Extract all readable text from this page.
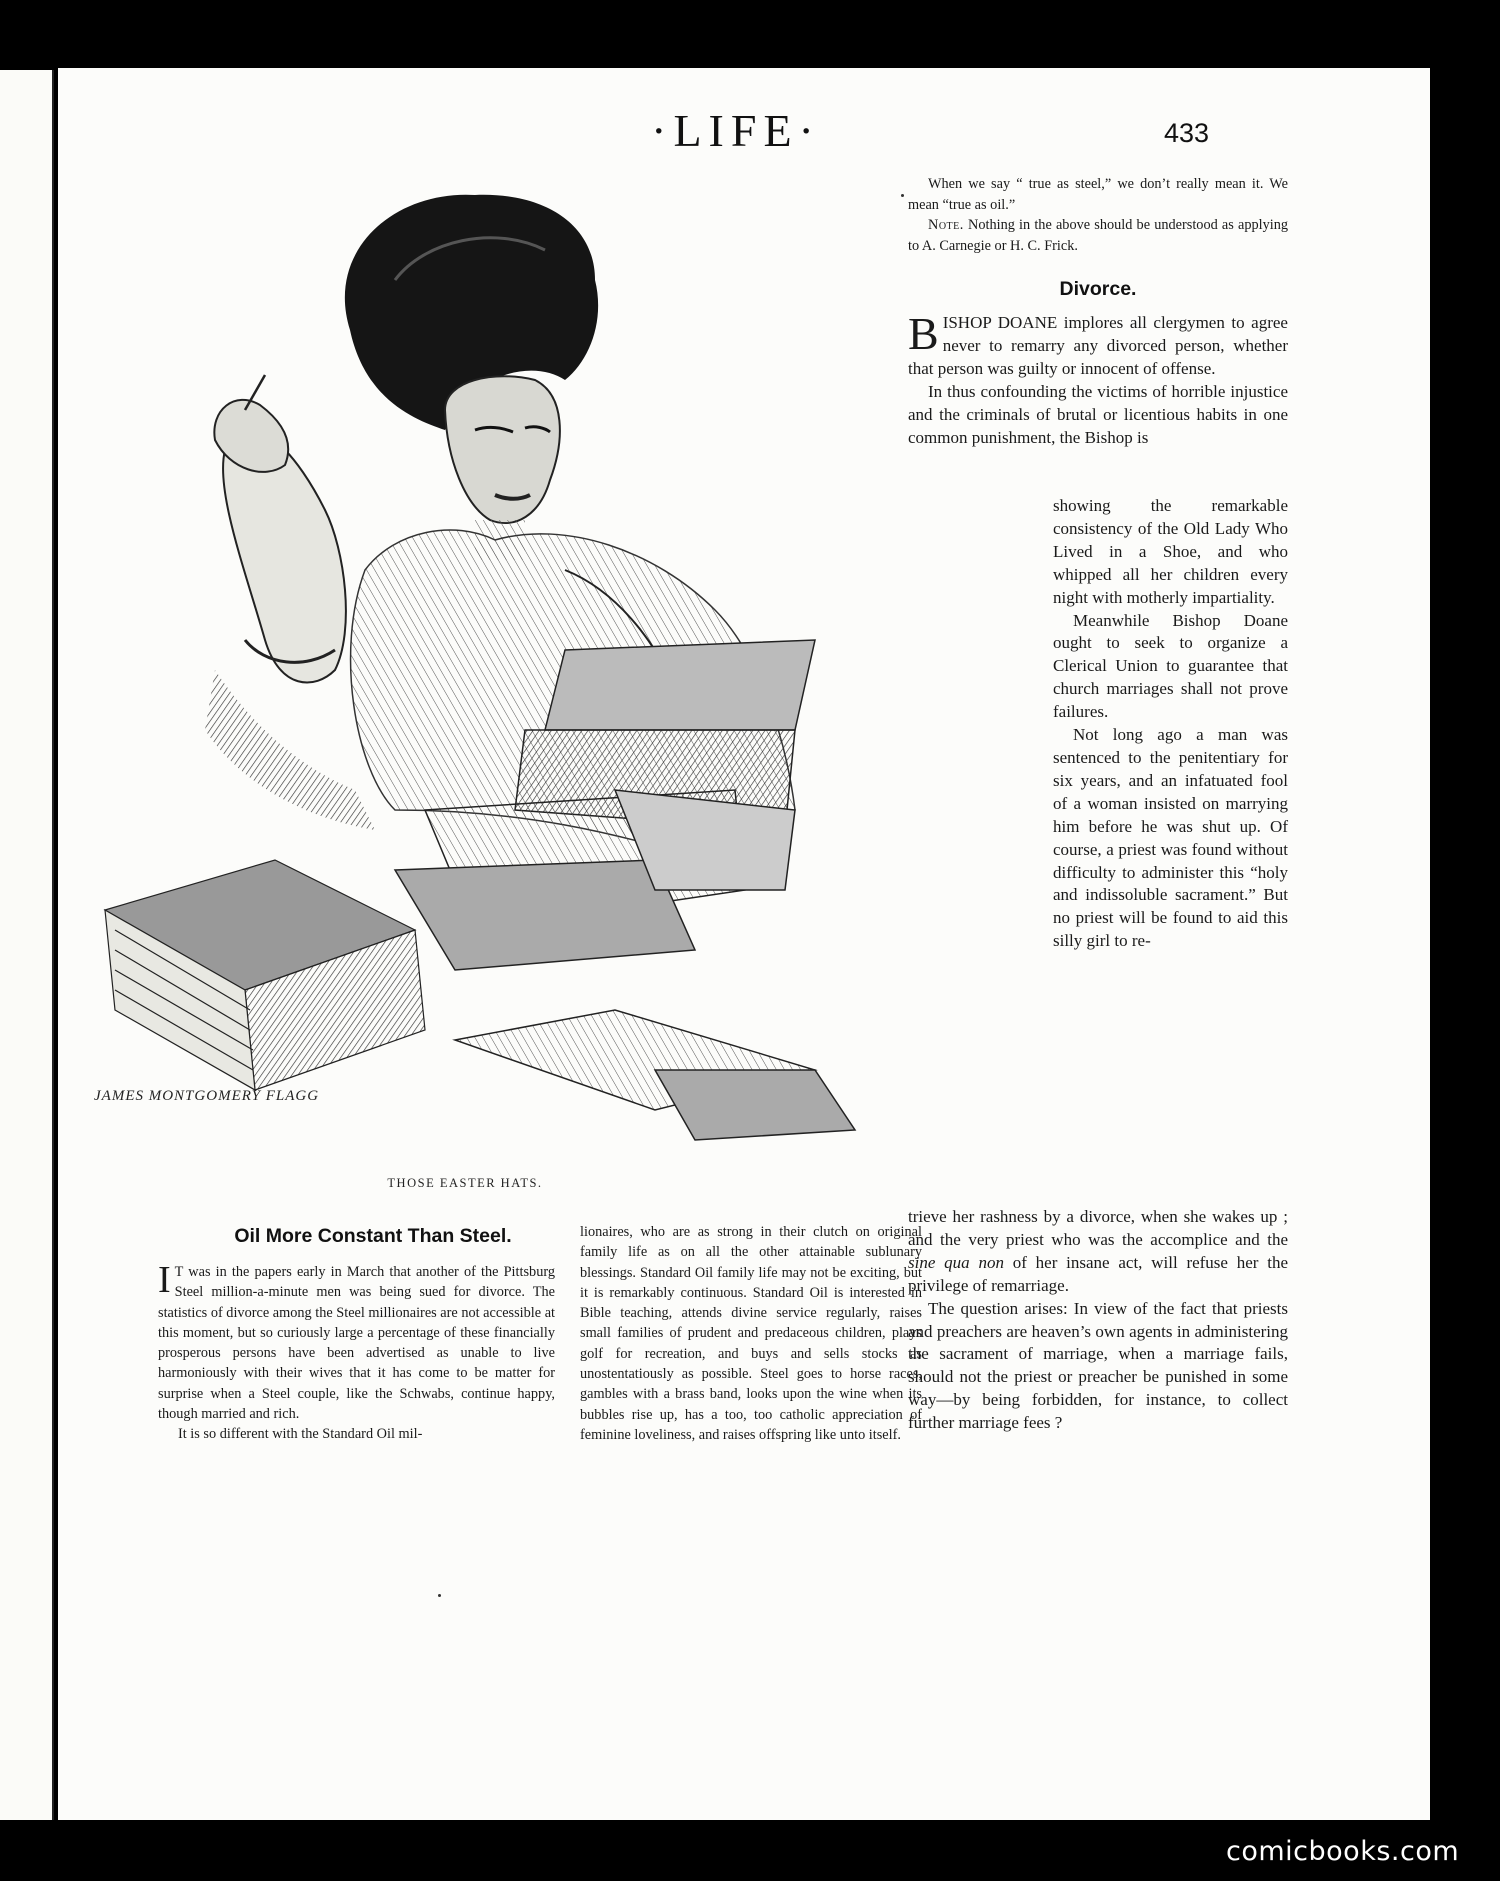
·LIFE·	433
JAMES MONTGOMERY FLAGG
THOSE EASTER HATS.
Oil More Constant Than Steel.

I T was in the papers early in March that another of the Pittsburg Steel million-a-minute men was being sued for divorce. The statistics of divorce among the Steel millionaires are not accessible at this moment, but so curiously large a percentage of these financially prosperous persons have been advertised as unable to live harmoniously with their wives that it has come to be matter for surprise when a Steel couple, like the Schwabs, continue happy, though married and rich.

It is so different with the Standard Oil mil-

lionaires, who are as strong in their clutch on original family life as on all the other attainable sublunary blessings. Standard Oil family life may not be exciting, but it is remarkably continuous. Standard Oil is interested in Bible teaching, attends divine service regularly, raises small families of prudent and predaceous children, plays golf for recreation, and buys and sells stocks as unostentatiously as possible. Steel goes to horse races, gambles with a brass band, looks upon the wine when its bubbles rise up, has a too, too catholic appreciation of feminine loveliness, and raises offspring like unto itself.

When we say “ true as steel,” we don’t really mean it. We mean “true as oil.”

Note. Nothing in the above should be understood as applying to A. Carnegie or H. C. Frick.

Divorce.

BISHOP DOANE implores all clergymen to agree never to remarry any divorced person, whether that person was guilty or innocent of offense.

In thus confounding the victims of horrible injustice and the criminals of brutal or licentious habits in one common punishment, the Bishop is

showing the remarkable consistency of the Old Lady Who Lived in a Shoe, and who whipped all her children every night with motherly impartiality.

Meanwhile Bishop Doane ought to seek to organize a Clerical Union to guarantee that church marriages shall not prove failures.

Not long ago a man was sentenced to the penitentiary for six years, and an infatuated fool of a woman insisted on marrying him before he was shut up. Of course, a priest was found without difficulty to administer this “holy and indissoluble sacrament.” But no priest will be found to aid this silly girl to re-

trieve her rashness by a divorce, when she wakes up ; and the very priest who was the accomplice and the sine qua non of her insane act, will refuse her the privilege of remarriage.

The question arises: In view of the fact that priests and preachers are heaven’s own agents in administering the sacrament of marriage, when a marriage fails, should not the priest or preacher be punished in some way—by being forbidden, for instance, to collect further marriage fees ?

comicbooks.com
